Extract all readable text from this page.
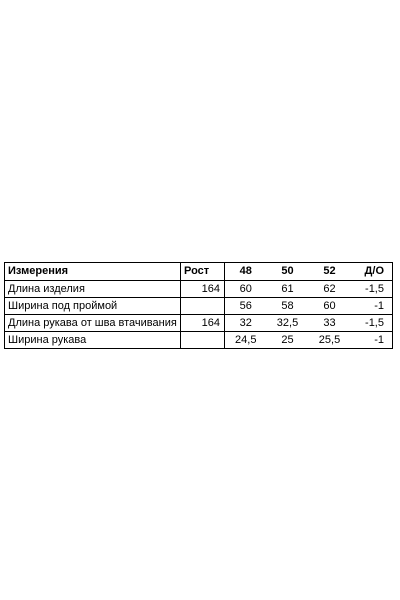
Измерения	Рост	48	50	52	Д/О
Длина изделия	164	60	61	62	-1,5
Ширина под проймой		56	58	60	-1
Длина рукава от шва втачивания	164	32	32,5	33	-1,5
Ширина рукава		24,5	25	25,5	-1
